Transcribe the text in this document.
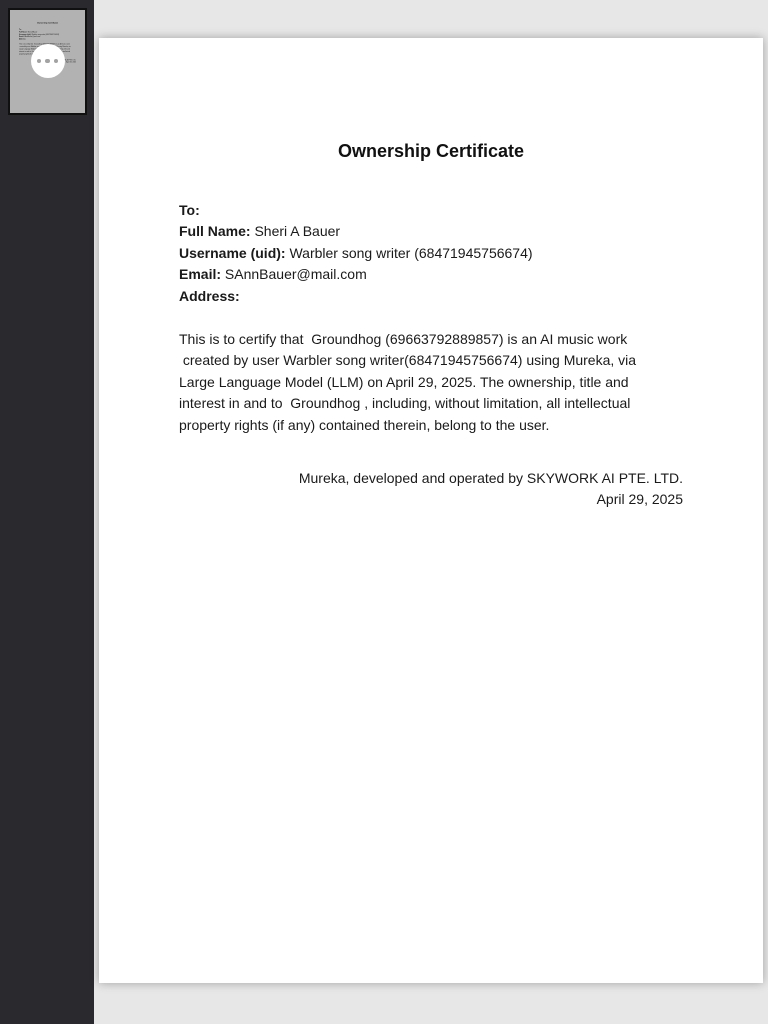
Ownership Certificate
To:
Full Name: Sheri A Bauer
Username (uid): Warbler song writer (68471945756674)
Email: SAnnBauer@mail.com
Address:
This is to certify that  Groundhog  is an AI music work
created by user Warbler   using Mureka, via
Large Language Model        title and
interest in and to        intellectual
property rights (if
AI PTE. LTD.
April 29, 2025
Ownership Certificate
To:
Full Name: Sheri A Bauer
Username (uid): Warbler song writer (68471945756674)
Email: SAnnBauer@mail.com
Address:
This is to certify that  Groundhog (69663792889857) is an AI music work
created by user Warbler song writer(68471945756674) using Mureka, via
Large Language Model (LLM) on April 29, 2025. The ownership, title and
interest in and to  Groundhog , including, without limitation, all intellectual
property rights (if any) contained therein, belong to the user.
Mureka, developed and operated by SKYWORK AI PTE. LTD.
April 29, 2025
